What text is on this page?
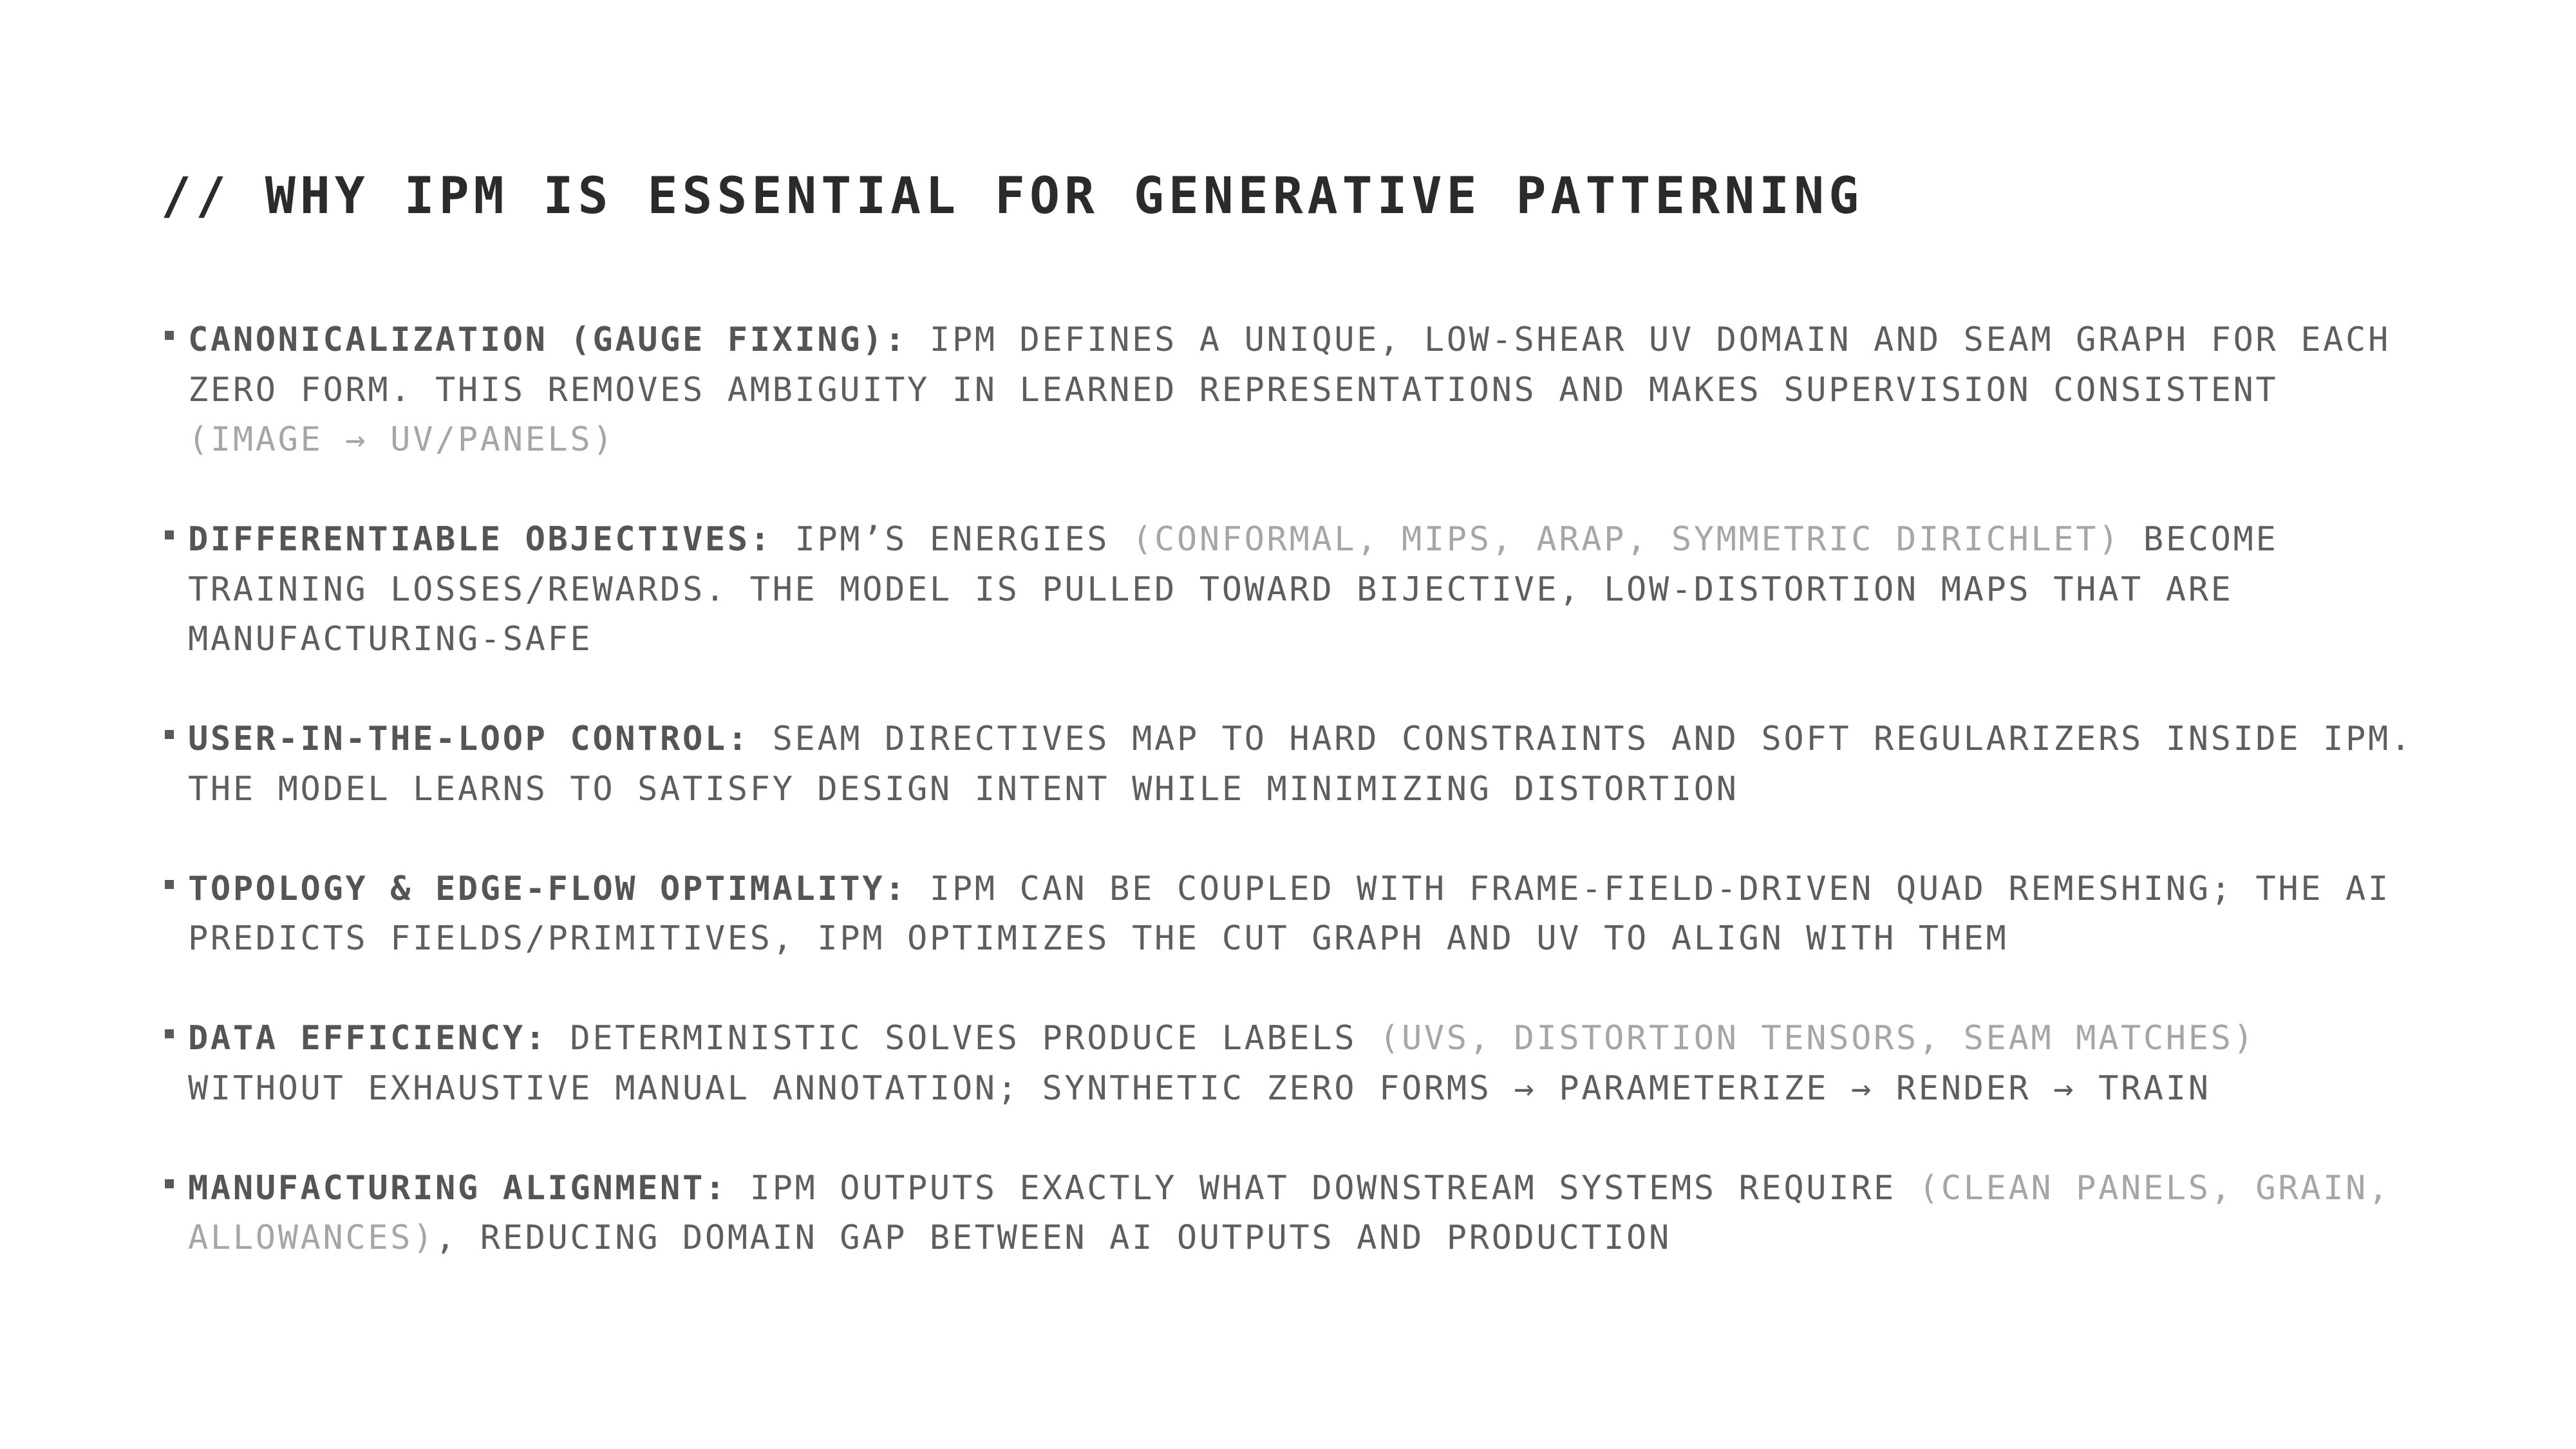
// WHY IPM IS ESSENTIAL FOR GENERATIVE PATTERNING
CANONICALIZATION (GAUGE FIXING): IPM DEFINES A UNIQUE, LOW-SHEAR UV DOMAIN AND SEAM GRAPH FOR EACH ZERO FORM. THIS REMOVES AMBIGUITY IN LEARNED REPRESENTATIONS AND MAKES SUPERVISION CONSISTENT (IMAGE → UV/PANELS)
DIFFERENTIABLE OBJECTIVES: IPM’S ENERGIES (CONFORMAL, MIPS, ARAP, SYMMETRIC DIRICHLET) BECOME TRAINING LOSSES/REWARDS. THE MODEL IS PULLED TOWARD BIJECTIVE, LOW-DISTORTION MAPS THAT ARE MANUFACTURING-SAFE
USER-IN-THE-LOOP CONTROL: SEAM DIRECTIVES MAP TO HARD CONSTRAINTS AND SOFT REGULARIZERS INSIDE IPM. THE MODEL LEARNS TO SATISFY DESIGN INTENT WHILE MINIMIZING DISTORTION
TOPOLOGY & EDGE-FLOW OPTIMALITY: IPM CAN BE COUPLED WITH FRAME-FIELD-DRIVEN QUAD REMESHING; THE AI PREDICTS FIELDS/PRIMITIVES, IPM OPTIMIZES THE CUT GRAPH AND UV TO ALIGN WITH THEM
DATA EFFICIENCY: DETERMINISTIC SOLVES PRODUCE LABELS (UVS, DISTORTION TENSORS, SEAM MATCHES) WITHOUT EXHAUSTIVE MANUAL ANNOTATION; SYNTHETIC ZERO FORMS → PARAMETERIZE → RENDER → TRAIN
MANUFACTURING ALIGNMENT: IPM OUTPUTS EXACTLY WHAT DOWNSTREAM SYSTEMS REQUIRE (CLEAN PANELS, GRAIN, ALLOWANCES), REDUCING DOMAIN GAP BETWEEN AI OUTPUTS AND PRODUCTION
